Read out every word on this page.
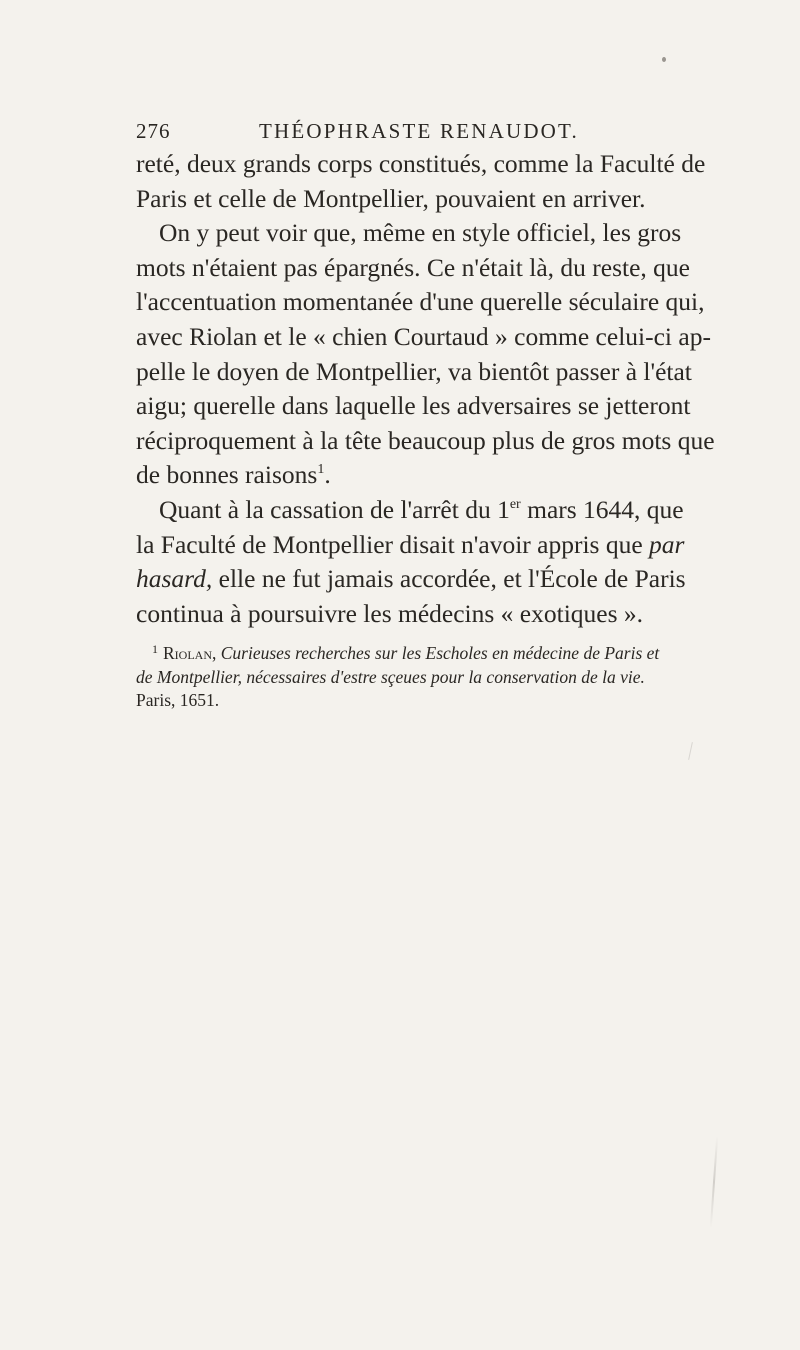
276	THÉOPHRASTE RENAUDOT.
reté, deux grands corps constitués, comme la Faculté de
Paris et celle de Montpellier, pouvaient en arriver.
On y peut voir que, même en style officiel, les gros
mots n'étaient pas épargnés. Ce n'était là, du reste, que
l'accentuation momentanée d'une querelle séculaire qui,
avec Riolan et le « chien Courtaud » comme celui-ci ap-
pelle le doyen de Montpellier, va bientôt passer à l'état
aigu; querelle dans laquelle les adversaires se jetteront
réciproquement à la tête beaucoup plus de gros mots que
de bonnes raisons$^1$.
Quant à la cassation de l'arrêt du 1er mars 1644, que
la Faculté de Montpellier disait n'avoir appris que par
hasard, elle ne fut jamais accordée, et l'École de Paris
continua à poursuivre les médecins « exotiques ».
$^1$ Riolan, Curieuses recherches sur les Escholes en médecine de Paris et
de Montpellier, nécessaires d'estre sçeues pour la conservation de la vie.
Paris, 1651.
